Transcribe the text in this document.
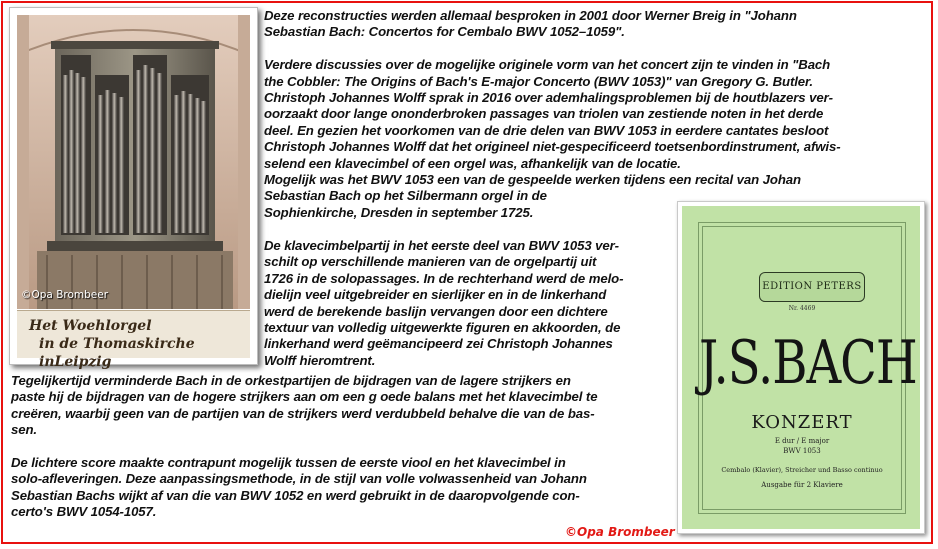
©Opa Brombeer
Het Woehlorgel
in de Thomaskirche inLeipzig

Deze reconstructies werden allemaal besproken in 2001 door Werner Breig in "Johann
Sebastian Bach: Concertos for Cembalo BWV 1052–1059".

Verdere discussies over de mogelijke originele vorm van het concert zijn te vinden in "Bach
the Cobbler: The Origins of Bach's E-major Concerto (BWV 1053)" van Gregory G. Butler.
Christoph Johannes Wolff sprak in 2016 over ademhalingsproblemen bij de houtblazers ver-
oorzaakt door lange ononderbroken passages van triolen van zestiende noten in het derde
deel. En gezien het voorkomen van de drie delen van BWV 1053 in eerdere cantates besloot
Christoph Johannes Wolff dat het origineel niet-gespecificeerd toetsenbordinstrument, afwis-
selend een klavecimbel of een orgel was, afhankelijk van de locatie.
Mogelijk was het BWV 1053 een van de gespeelde werken tijdens een recital van Johan
Sebastian Bach op het Silbermann orgel in de
Sophienkirche, Dresden in september 1725.

De klavecimbelpartij in het eerste deel van BWV 1053 ver-
schilt op verschillende manieren van de orgelpartij uit
1726 in de solopassages. In de rechterhand werd de melo-
dielijn veel uitgebreider en sierlijker en in de linkerhand
werd de berekende baslijn vervangen door een dichtere
textuur van volledig uitgewerkte figuren en akkoorden, de
linkerhand werd geëmancipeerd zei Christoph Johannes
Wolff hieromtrent.

Tegelijkertijd verminderde Bach in de orkestpartijen de bijdragen van de lagere strijkers en
paste hij de bijdragen van de hogere strijkers aan om een g oede balans met het klavecimbel te
creëren, waarbij geen van de partijen van de strijkers werd verdubbeld behalve die van de bas-
sen.

De lichtere score maakte contrapunt mogelijk tussen de eerste viool en het klavecimbel in
solo-afleveringen. Deze aanpassingsmethode, in de stijl van volle volwassenheid van Johann
Sebastian Bachs wijkt af van die van BWV 1052 en werd gebruikt in de daaropvolgende con-
certo's BWV 1054-1057.

EDITION PETERS
Nr. 4469
J.S.BACH
KONZERT
E dur / E major
BWV 1053
Cembalo (Klavier), Streicher und Basso continuo
Ausgabe für 2 Klaviere
©Opa Brombeer
